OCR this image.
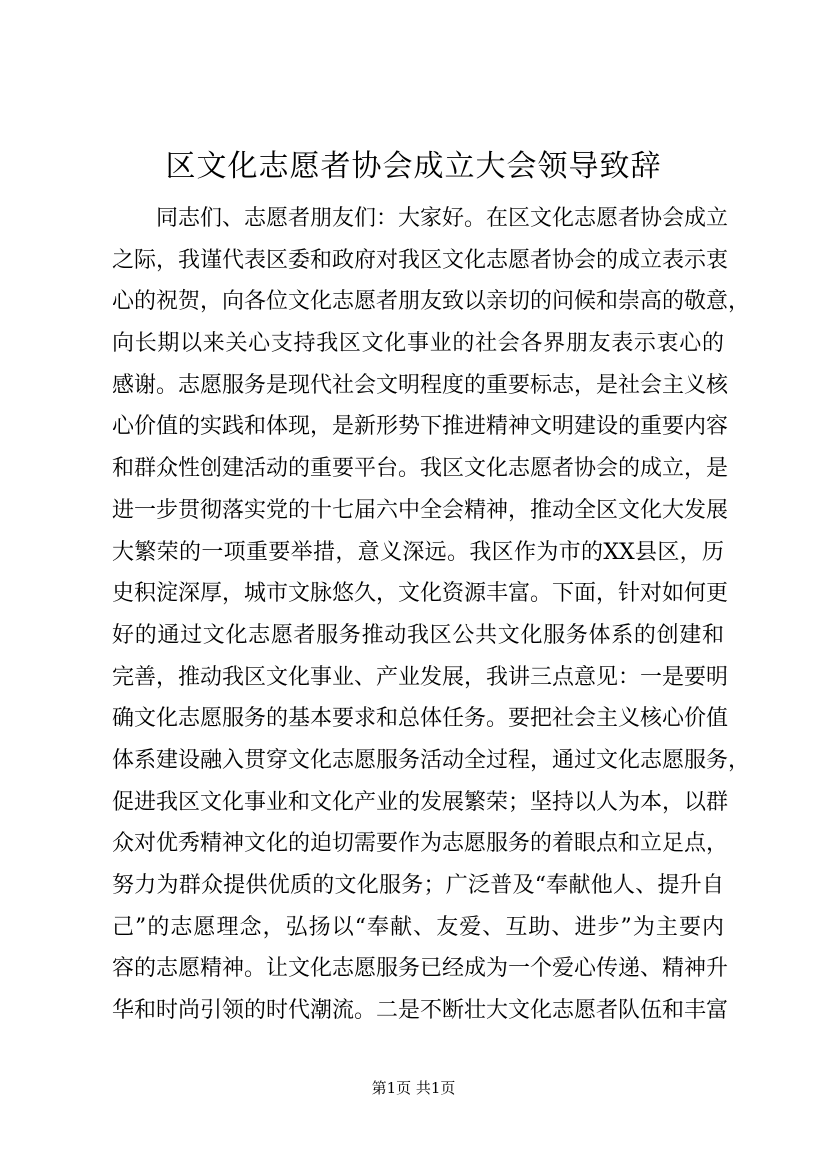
区文化志愿者协会成立大会领导致辞
同志们、志愿者朋友们：大家好。在区文化志愿者协会成立
之际，我谨代表区委和政府对我区文化志愿者协会的成立表示衷
心的祝贺，向各位文化志愿者朋友致以亲切的问候和崇高的敬意，
向长期以来关心支持我区文化事业的社会各界朋友表示衷心的
感谢。志愿服务是现代社会文明程度的重要标志，是社会主义核
心价值的实践和体现，是新形势下推进精神文明建设的重要内容
和群众性创建活动的重要平台。我区文化志愿者协会的成立，是
进一步贯彻落实党的十七届六中全会精神，推动全区文化大发展
大繁荣的一项重要举措，意义深远。我区作为市的XX县区，历
史积淀深厚，城市文脉悠久，文化资源丰富。下面，针对如何更
好的通过文化志愿者服务推动我区公共文化服务体系的创建和
完善，推动我区文化事业、产业发展，我讲三点意见：一是要明
确文化志愿服务的基本要求和总体任务。要把社会主义核心价值
体系建设融入贯穿文化志愿服务活动全过程，通过文化志愿服务，
促进我区文化事业和文化产业的发展繁荣；坚持以人为本，以群
众对优秀精神文化的迫切需要作为志愿服务的着眼点和立足点，
努力为群众提供优质的文化服务；广泛普及“奉献他人、提升自
己”的志愿理念，弘扬以“奉献、友爱、互助、进步”为主要内
容的志愿精神。让文化志愿服务已经成为一个爱心传递、精神升
华和时尚引领的时代潮流。二是不断壮大文化志愿者队伍和丰富
第1页 共1页
